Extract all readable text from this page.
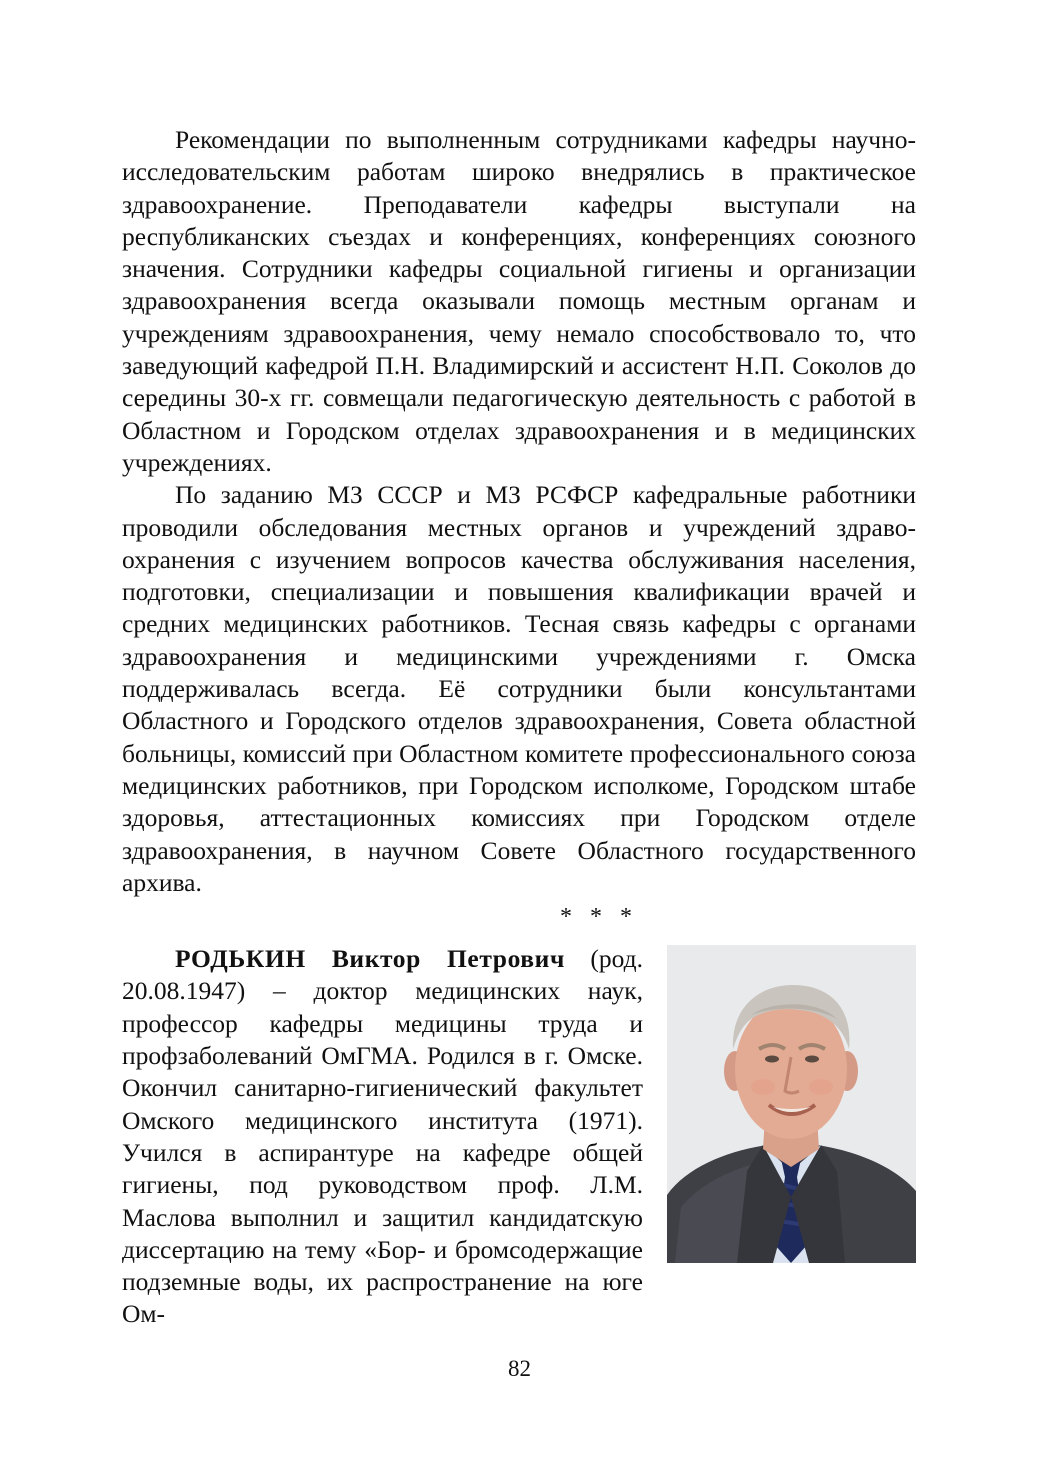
Рекомендации по выполненным сотрудниками кафедры научно-исследовательским работам широко внедрялись в практическое здравоохранение. Преподаватели кафедры выступали на республиканских съездах и конференциях, конференциях союзного значения. Сотрудники кафедры социальной гигиены и организации здравоохранения всегда оказывали помощь местным органам и учреждениям здравоохранения, чему немало способствовало то, что заведующий кафедрой П.Н. Владимирский и ассистент Н.П. Соколов до середины 30-х гг. совмещали педагогическую деятельность с работой в Областном и Городском отделах здравоохранения и в медицинских учреждениях.

По заданию МЗ СССР и МЗ РСФСР кафедральные работники проводили обследования местных органов и учреждений здравоохранения с изучением вопросов качества обслуживания населения, подготовки, специализации и повышения квалификации врачей и средних медицинских работников. Тесная связь кафедры с органами здравоохранения и медицинскими учреждениями г. Омска поддерживалась всегда. Её сотрудники были консультантами Областного и Городского отделов здравоохранения, Совета областной больницы, комиссий при Областном комитете профессионального союза медицинских работников, при Городском исполкоме, Городском штабе здоровья, аттестационных комиссиях при Городском отделе здравоохранения, в научном Совете Областного государственного архива.

* * *

РОДЬКИН Виктор Петрович (род. 20.08.1947) – доктор медицинских наук, профессор кафедры медицины труда и профзаболеваний ОмГМА. Родился в г. Омске. Окончил санитарно-гигиенический факультет Омского медицинского института (1971). Учился в аспирантуре на кафедре общей гигиены, под руководством проф. Л.М. Маслова выполнил и защитил кандидатскую диссертацию на тему «Бор- и бромсодержащие подземные воды, их распространение на юге Ом-

82
